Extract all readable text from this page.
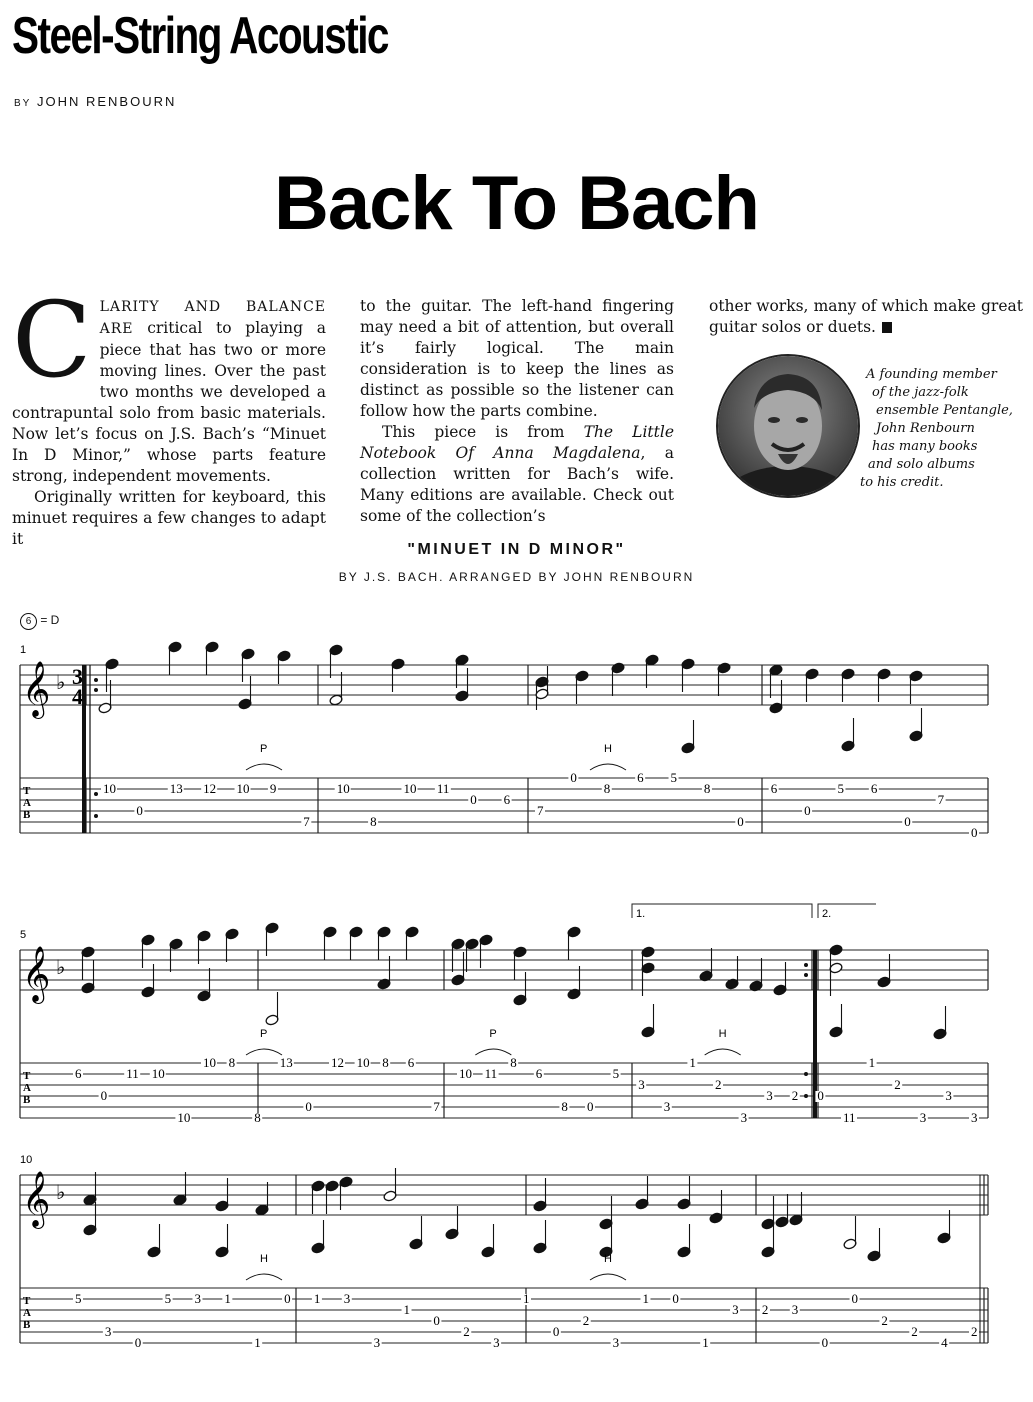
Steel-String Acoustic
BY JOHN RENBOURN
Back To Bach

C LARITY AND BALANCE ARE critical to playing a piece that has two or more moving lines. Over the past two months we developed a contrapuntal solo from basic materials. Now let’s focus on J.S. Bach’s “Minuet In D Minor,” whose parts feature strong, independent movements.

Originally written for keyboard, this minuet requires a few changes to adapt it

to the guitar. The left-hand fingering may need a bit of attention, but overall it’s fairly logical. The main consideration is to keep the lines as distinct as possible so the listener can follow how the parts combine.

This piece is from The Little Notebook Of Anna Magdalena, a collection written for Bach’s wife. Many editions are available. Check out some of the collection’s

other works, many of which make great guitar solos or duets.

A founding member
of the jazz-folk
ensemble Pentangle,
John Renbourn
has many books
and solo albums
to his credit.
"MINUET IN D MINOR"
BY J.S. BACH. ARRANGED BY JOHN RENBOURN
6 = D
𝄞 ♭
T
A
B
1
3
4
10
0
13 12 10 9
7
10
8
10 11
0 6
7
0
8
6 5
8
0
6
0
5 6
0
7
0
P	H
𝄞 ♭
T
A
B
5
1.	2.
6
0
11 10
10
10 8
8
13
0
12 10 8 6
7
10 11
8
6
8 0
5
3
3
1
2
3
3 2 0
11
1
2
3
3
3
P	P	H
𝄞 ♭
T
A
B
10
5
3
0
5 3 1
1
0 1 3
3
1
0
2
3
1
0
2
3
1 0
1
3 2 3
0
0
2
2
4
2
H	H
